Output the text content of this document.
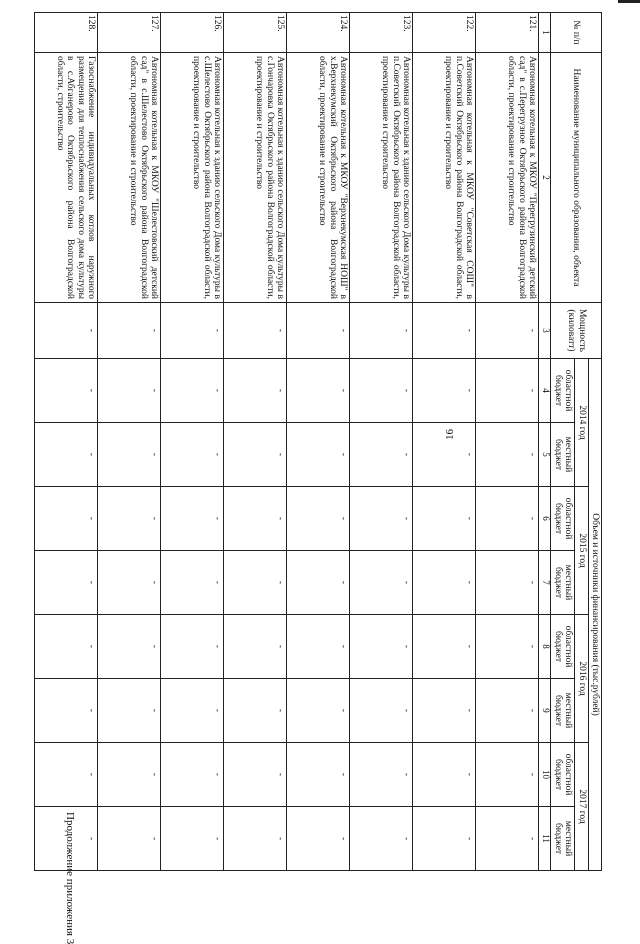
16
Продолжение приложения 3
№ п/п	Наименование муниципального образования, объекта	Мощность (киловатт)	Объем и источники финансирования (тыс.рублей)							
			2014 год		2015 год		2016 год		2017 год	
			областной бюджет	местный бюджет	областной бюджет	местный бюджет	областной бюджет	местный бюджет	областной бюджет	местный бюджет
1	2	3	4	5	6	7	8	9	10	11
121.	Автономная котельная к МКОУ "Перегрузинский детский сад" в с.Перегрузное Октябрьского района Волгоградской области, проектирование и строительство	-	-	-	-	-	-	-	-	-
122.	Автономная котельная к МКОУ "Советская СОШ" в п.Советский Октябрьского района Волгоградской области, проектирование и строительство	-	-	-	-	-	-	-	-	-
123.	Автономная котельная к зданию сельского Дома культуры в п.Советский Октябрьского района Волгоградской области, проектирование и строительство	-	-	-	-	-	-	-	-	-
124.	Автономная котельная к МКОУ "Верхнекумская НОШ" в х.Верхнекумский Октябрьского района Волгоградской области, проектирование и строительство	-	-	-	-	-	-	-	-	-
125.	Автономная котельная к зданию сельского Дома культуры в с.Гончаровка Октябрьского района Волгоградской области, проектирование и строительство	-	-	-	-	-	-	-	-	-
126.	Автономная котельная к зданию сельского Дома культуры в с.Шелестово Октябрьского района Волгоградской области, проектирование и строительство	-	-	-	-	-	-	-	-	-
127.	Автономная котельная к МКОУ "Шелестовский детский сад" в с.Шелестово Октябрьского района Волгоградской области, проектирование и строительство	-	-	-	-	-	-	-	-	-
128.	Газоснабжение индивидуальных котлов наружного размещения для теплоснабжения сельского дома культуры в с.Абганерово Октябрьского района Волгоградской области, строительство	-	-	-	-	-	-	-	-	-
